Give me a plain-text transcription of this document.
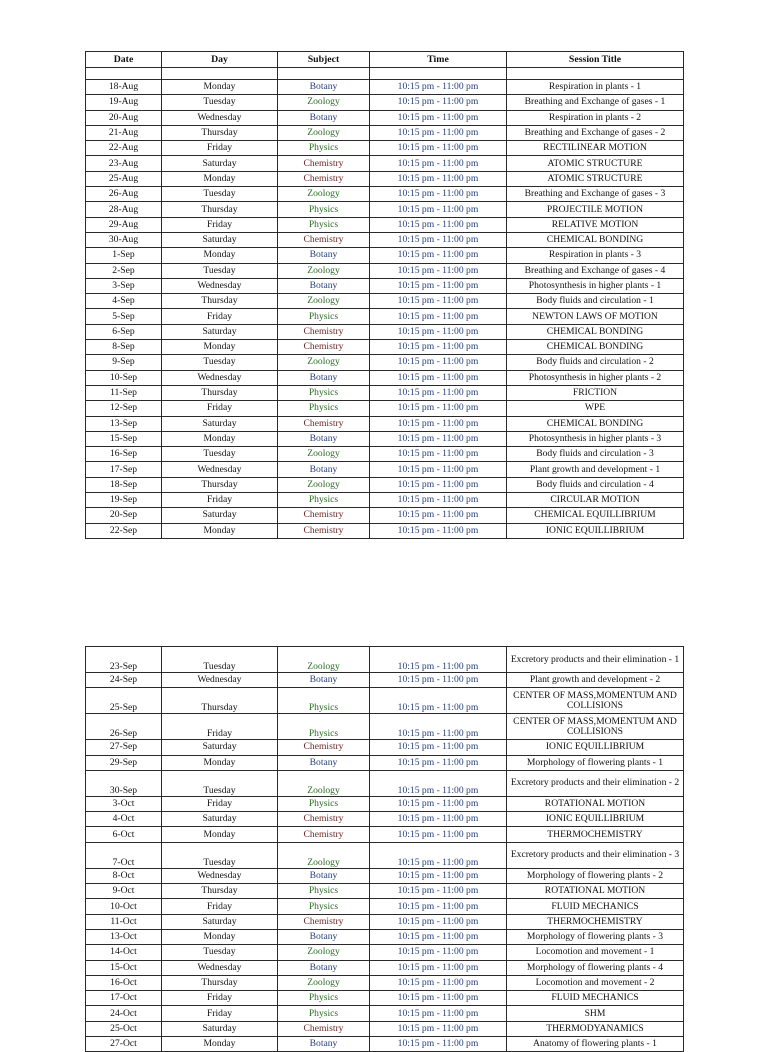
Date	Day	Subject	Time	Session Title

18-Aug	Monday	Botany	10:15 pm - 11:00 pm	Respiration in plants - 1
19-Aug	Tuesday	Zoology	10:15 pm - 11:00 pm	Breathing and Exchange of gases - 1
20-Aug	Wednesday	Botany	10:15 pm - 11:00 pm	Respiration in plants - 2
21-Aug	Thursday	Zoology	10:15 pm - 11:00 pm	Breathing and Exchange of gases - 2
22-Aug	Friday	Physics	10:15 pm - 11:00 pm	RECTILINEAR MOTION
23-Aug	Saturday	Chemistry	10:15 pm - 11:00 pm	ATOMIC STRUCTURE
25-Aug	Monday	Chemistry	10:15 pm - 11:00 pm	ATOMIC STRUCTURE
26-Aug	Tuesday	Zoology	10:15 pm - 11:00 pm	Breathing and Exchange of gases - 3
28-Aug	Thursday	Physics	10:15 pm - 11:00 pm	PROJECTILE MOTION
29-Aug	Friday	Physics	10:15 pm - 11:00 pm	RELATIVE MOTION
30-Aug	Saturday	Chemistry	10:15 pm - 11:00 pm	CHEMICAL BONDING
1-Sep	Monday	Botany	10:15 pm - 11:00 pm	Respiration in plants - 3
2-Sep	Tuesday	Zoology	10:15 pm - 11:00 pm	Breathing and Exchange of gases - 4
3-Sep	Wednesday	Botany	10:15 pm - 11:00 pm	Photosynthesis in higher plants - 1
4-Sep	Thursday	Zoology	10:15 pm - 11:00 pm	Body fluids and circulation - 1
5-Sep	Friday	Physics	10:15 pm - 11:00 pm	NEWTON LAWS OF MOTION
6-Sep	Saturday	Chemistry	10:15 pm - 11:00 pm	CHEMICAL BONDING
8-Sep	Monday	Chemistry	10:15 pm - 11:00 pm	CHEMICAL BONDING
9-Sep	Tuesday	Zoology	10:15 pm - 11:00 pm	Body fluids and circulation - 2
10-Sep	Wednesday	Botany	10:15 pm - 11:00 pm	Photosynthesis in higher plants - 2
11-Sep	Thursday	Physics	10:15 pm - 11:00 pm	FRICTION
12-Sep	Friday	Physics	10:15 pm - 11:00 pm	WPE
13-Sep	Saturday	Chemistry	10:15 pm - 11:00 pm	CHEMICAL BONDING
15-Sep	Monday	Botany	10:15 pm - 11:00 pm	Photosynthesis in higher plants - 3
16-Sep	Tuesday	Zoology	10:15 pm - 11:00 pm	Body fluids and circulation - 3
17-Sep	Wednesday	Botany	10:15 pm - 11:00 pm	Plant growth and development - 1
18-Sep	Thursday	Zoology	10:15 pm - 11:00 pm	Body fluids and circulation - 4
19-Sep	Friday	Physics	10:15 pm - 11:00 pm	CIRCULAR MOTION
20-Sep	Saturday	Chemistry	10:15 pm - 11:00 pm	CHEMICAL EQUILLIBRIUM
22-Sep	Monday	Chemistry	10:15 pm - 11:00 pm	IONIC EQUILLIBRIUM
23-Sep	Tuesday	Zoology	10:15 pm - 11:00 pm	Excretory products and their elimination - 1
24-Sep	Wednesday	Botany	10:15 pm - 11:00 pm	Plant growth and development - 2
25-Sep	Thursday	Physics	10:15 pm - 11:00 pm	CENTER OF MASS,MOMENTUM AND COLLISIONS
26-Sep	Friday	Physics	10:15 pm - 11:00 pm	CENTER OF MASS,MOMENTUM AND COLLISIONS
27-Sep	Saturday	Chemistry	10:15 pm - 11:00 pm	IONIC EQUILLIBRIUM
29-Sep	Monday	Botany	10:15 pm - 11:00 pm	Morphology of flowering plants - 1
30-Sep	Tuesday	Zoology	10:15 pm - 11:00 pm	Excretory products and their elimination - 2
3-Oct	Friday	Physics	10:15 pm - 11:00 pm	ROTATIONAL MOTION
4-Oct	Saturday	Chemistry	10:15 pm - 11:00 pm	IONIC EQUILLIBRIUM
6-Oct	Monday	Chemistry	10:15 pm - 11:00 pm	THERMOCHEMISTRY
7-Oct	Tuesday	Zoology	10:15 pm - 11:00 pm	Excretory products and their elimination - 3
8-Oct	Wednesday	Botany	10:15 pm - 11:00 pm	Morphology of flowering plants - 2
9-Oct	Thursday	Physics	10:15 pm - 11:00 pm	ROTATIONAL MOTION
10-Oct	Friday	Physics	10:15 pm - 11:00 pm	FLUID MECHANICS
11-Oct	Saturday	Chemistry	10:15 pm - 11:00 pm	THERMOCHEMISTRY
13-Oct	Monday	Botany	10:15 pm - 11:00 pm	Morphology of flowering plants - 3
14-Oct	Tuesday	Zoology	10:15 pm - 11:00 pm	Locomotion and movement - 1
15-Oct	Wednesday	Botany	10:15 pm - 11:00 pm	Morphology of flowering plants - 4
16-Oct	Thursday	Zoology	10:15 pm - 11:00 pm	Locomotion and movement - 2
17-Oct	Friday	Physics	10:15 pm - 11:00 pm	FLUID MECHANICS
24-Oct	Friday	Physics	10:15 pm - 11:00 pm	SHM
25-Oct	Saturday	Chemistry	10:15 pm - 11:00 pm	THERMODYANAMICS
27-Oct	Monday	Botany	10:15 pm - 11:00 pm	Anatomy of flowering plants - 1
